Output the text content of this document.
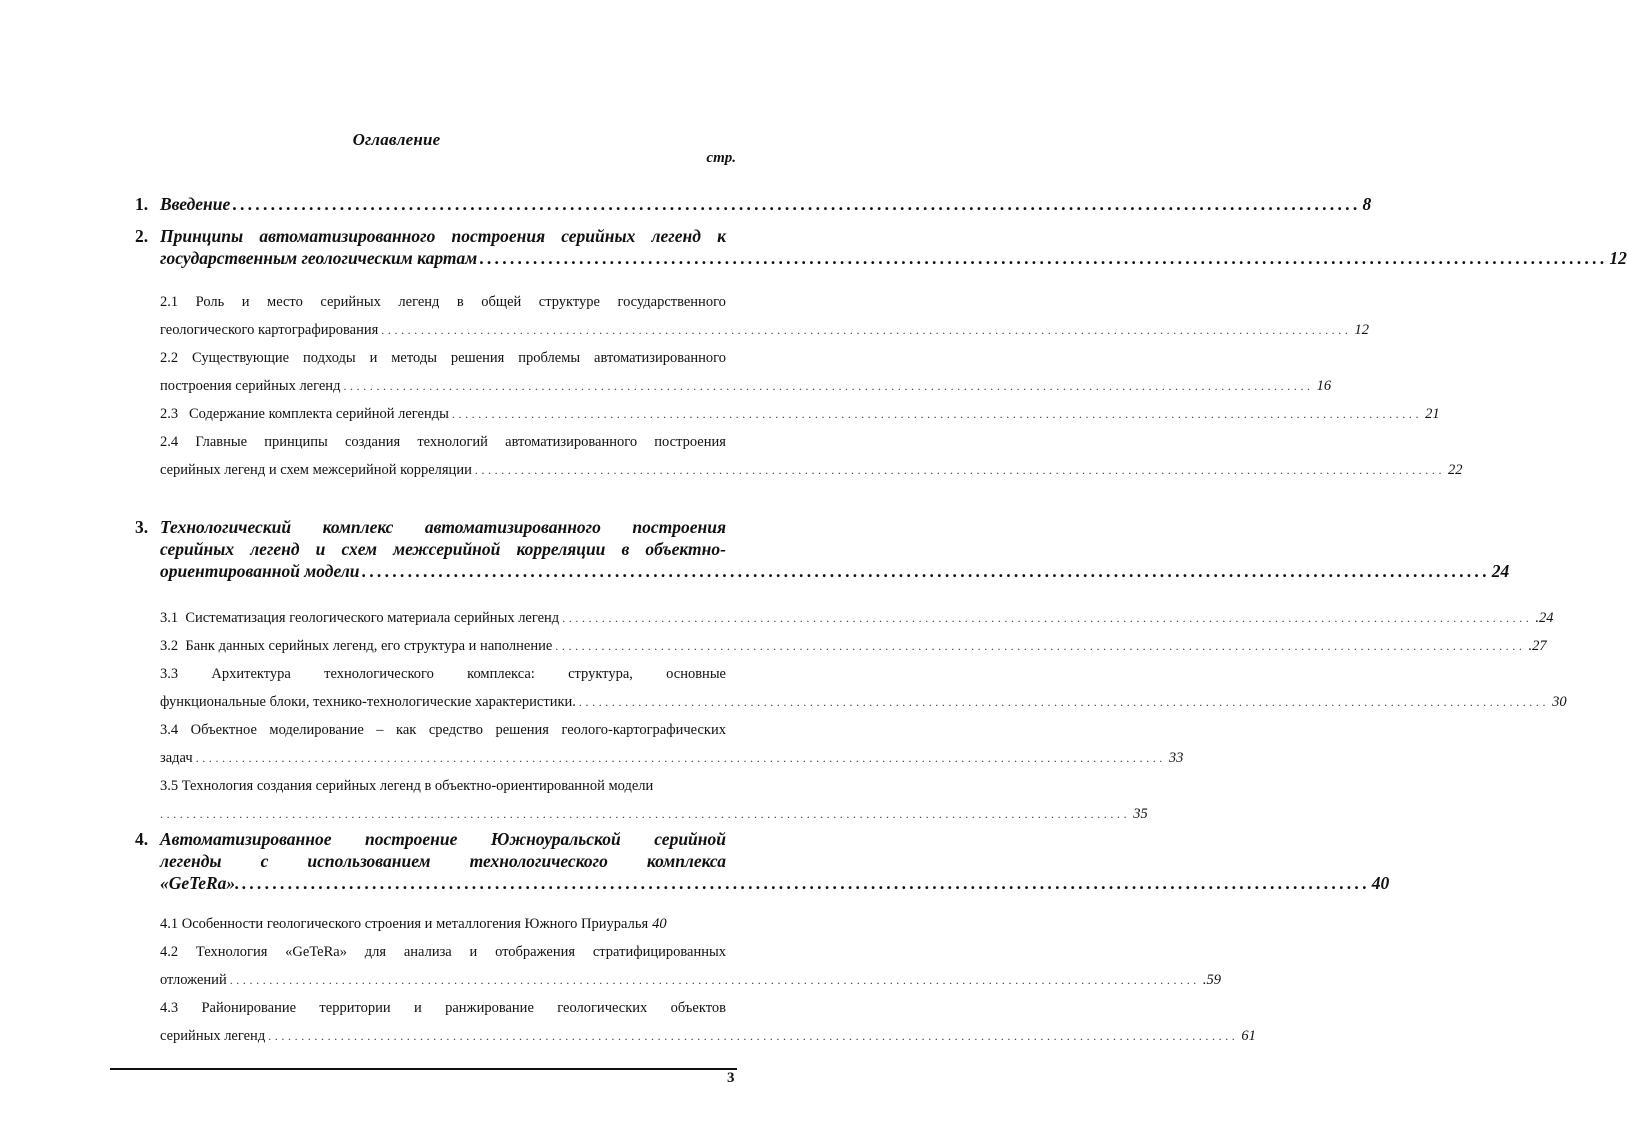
Оглавление
стр.
1. Введение ................................................................................................................................................... 8
2. Принципы автоматизированного построения серийных легенд к
государственным геологическим картам ................................................................................................................................................... 12
2.1 Роль и место серийных легенд в общей структуре государственного
геологического картографирования ................................................................................................................................................... 12
2.2 Существующие подходы и методы решения проблемы автоматизированного
построения серийных легенд ................................................................................................................................................... 16
2.3   Содержание комплекта серийной легенды ................................................................................................................................................... 21
2.4 Главные принципы создания технологий автоматизированного построения
серийных легенд и схем межсерийной корреляции ................................................................................................................................................... 22
3. Технологический комплекс автоматизированного построения
серийных легенд и схем межсерийной корреляции в объектно-
ориентированной модели ................................................................................................................................................... 24
3.1  Систематизация геологического материала серийных легенд ................................................................................................................................................... .24
3.2  Банк данных серийных легенд, его структура и наполнение ................................................................................................................................................... .27
3.3 Архитектура технологического комплекса: структура, основные
функциональные блоки, технико-технологические характеристики. ................................................................................................................................................... 30
3.4 Объектное моделирование – как средство решения геолого-картографических
задач ................................................................................................................................................... 33
3.5 Технология создания серийных легенд в объектно-ориентированной модели
................................................................................................................................................... 35
4. Автоматизированное построение Южноуральской серийной
легенды с использованием технологического комплекса
«GeTeRa». ................................................................................................................................................... 40
4.1 Особенности геологического строения и металлогения Южного Приуралья 40
4.2 Технология «GeTeRa» для анализа и отображения стратифицированных
отложений ................................................................................................................................................... .59
4.3 Районирование территории и ранжирование геологических объектов
серийных легенд ................................................................................................................................................... 61
3
